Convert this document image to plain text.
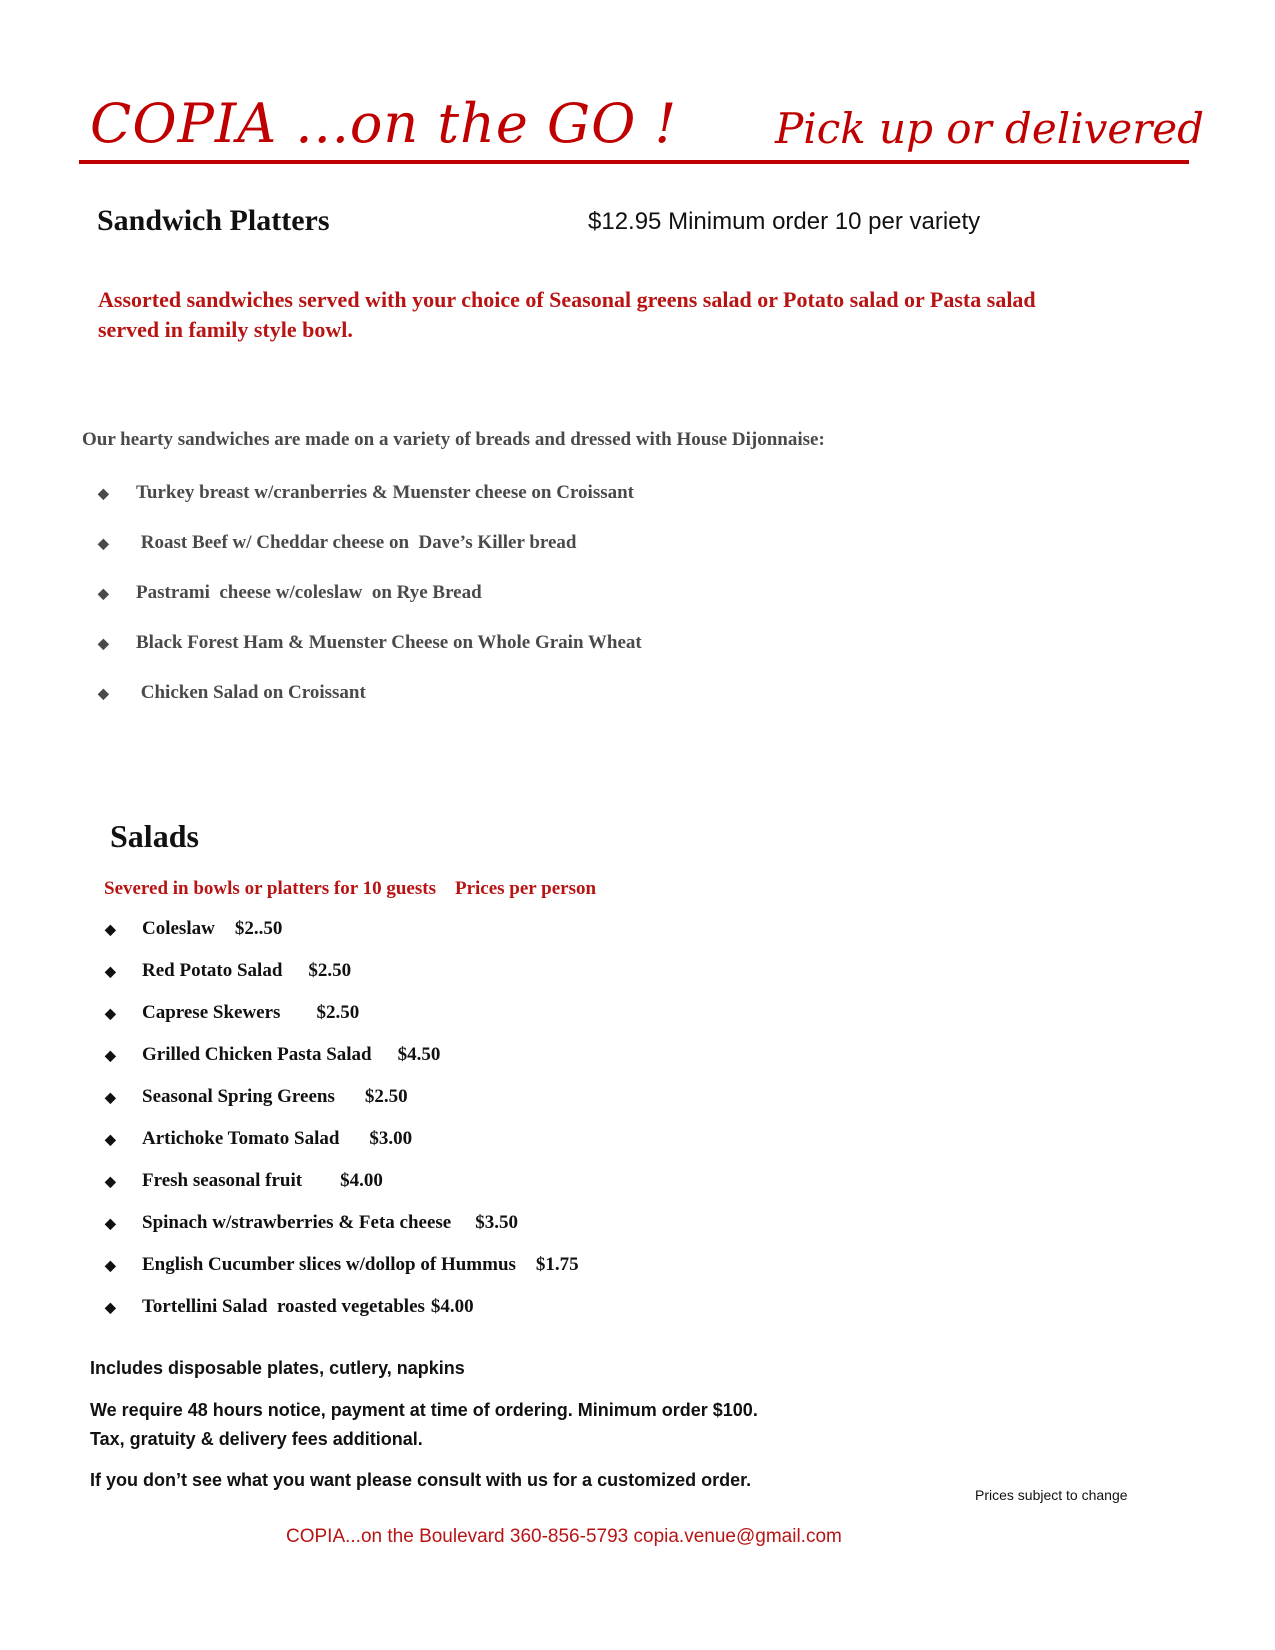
COPIA ...on the GO ! Pick up or delivered
Sandwich Platters	$12.95 Minimum order 10 per variety
Assorted sandwiches served with your choice of Seasonal greens salad or Potato salad or Pasta salad served in family style bowl.
Our hearty sandwiches are made on a variety of breads and dressed with House Dijonnaise:
◆ Turkey breast w/cranberries & Muenster cheese on Croissant
◆ Roast Beef w/ Cheddar cheese on  Dave’s Killer bread
◆ Pastrami  cheese w/coleslaw  on Rye Bread
◆ Black Forest Ham & Muenster Cheese on Whole Grain Wheat
◆ Chicken Salad on Croissant
Salads
Severed in bowls or platters for 10 guests    Prices per person
◆ Coleslaw $2..50
◆ Red Potato Salad $2.50
◆ Caprese Skewers $2.50
◆ Grilled Chicken Pasta Salad $4.50
◆ Seasonal Spring Greens $2.50
◆ Artichoke Tomato Salad $3.00
◆ Fresh seasonal fruit $4.00
◆ Spinach w/strawberries & Feta cheese $3.50
◆ English Cucumber slices w/dollop of Hummus $1.75
◆ Tortellini Salad  roasted vegetables $4.00
Includes disposable plates, cutlery, napkins
We require 48 hours notice, payment at time of ordering. Minimum order $100.
Tax, gratuity & delivery fees additional.
If you don’t see what you want please consult with us for a customized order.
Prices subject to change
COPIA...on the Boulevard 360-856-5793 copia.venue@gmail.com
